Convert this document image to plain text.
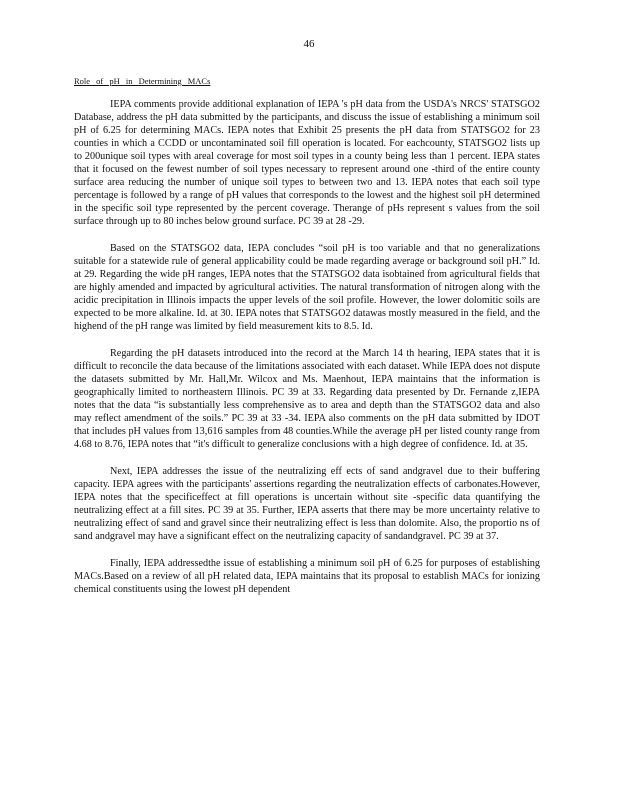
46
Role of pH in Determining MACs

IEPA comments provide additional explanation of IEPA 's pH data from the USDA's NRCS' STATSGO2 Database, address the pH data submitted by the participants, and discuss the issue of establishing a minimum soil pH of 6.25 for determining MACs. IEPA notes that Exhibit 25 presents the pH data from STATSGO2 for 23 counties in which a CCDD or uncontaminated soil fill operation is located. For eachcounty, STATSGO2 lists up to 200unique soil types with areal coverage for most soil types in a county being less than 1 percent. IEPA states that it focused on the fewest number of soil types necessary to represent around one -third of the entire county surface area reducing the number of unique soil types to between two and 13. IEPA notes that each soil type percentage is followed by a range of pH values that corresponds to the lowest and the highest soil pH determined in the specific soil type represented by the percent coverage. Therange of pHs represent s values from the soil surface through up to 80 inches below ground surface. PC 39 at 28 -29.

Based on the STATSGO2 data, IEPA concludes “soil pH is too variable and that no generalizations suitable for a statewide rule of general applicability could be made regarding average or background soil pH.” Id. at 29. Regarding the wide pH ranges, IEPA notes that the STATSGO2 data isobtained from agricultural fields that are highly amended and impacted by agricultural activities. The natural transformation of nitrogen along with the acidic precipitation in Illinois impacts the upper levels of the soil profile. However, the lower dolomitic soils are expected to be more alkaline. Id. at 30. IEPA notes that STATSGO2 datawas mostly measured in the field, and the highend of the pH range was limited by field measurement kits to 8.5. Id.

Regarding the pH datasets introduced into the record at the March 14 th hearing, IEPA states that it is difficult to reconcile the data because of the limitations associated with each dataset. While IEPA does not dispute the datasets submitted by Mr. Hall,Mr. Wilcox and Ms. Maenhout, IEPA maintains that the information is geographically limited to northeastern Illinois. PC 39 at 33. Regarding data presented by Dr. Fernande z,IEPA notes that the data “is substantially less comprehensive as to area and depth than the STATSGO2 data and also may reflect amendment of the soils.” PC 39 at 33 -34. IEPA also comments on the pH data submitted by IDOT that includes pH values from 13,616 samples from 48 counties.While the average pH per listed county range from 4.68 to 8.76, IEPA notes that “it's difficult to generalize conclusions with a high degree of confidence. Id. at 35.

Next, IEPA addresses the issue of the neutralizing eff ects of sand andgravel due to their buffering capacity. IEPA agrees with the participants' assertions regarding the neutralization effects of carbonates.However, IEPA notes that the specificeffect at fill operations is uncertain without site -specific data quantifying the neutralizing effect at a fill sites. PC 39 at 35. Further, IEPA asserts that there may be more uncertainty relative to neutralizing effect of sand and gravel since their neutralizing effect is less than dolomite. Also, the proportio ns of sand andgravel may have a significant effect on the neutralizing capacity of sandandgravel. PC 39 at 37.

Finally, IEPA addressedthe issue of establishing a minimum soil pH of 6.25 for purposes of establishing MACs.Based on a review of all pH related data, IEPA maintains that its proposal to establish MACs for ionizing chemical constituents using the lowest pH dependent
